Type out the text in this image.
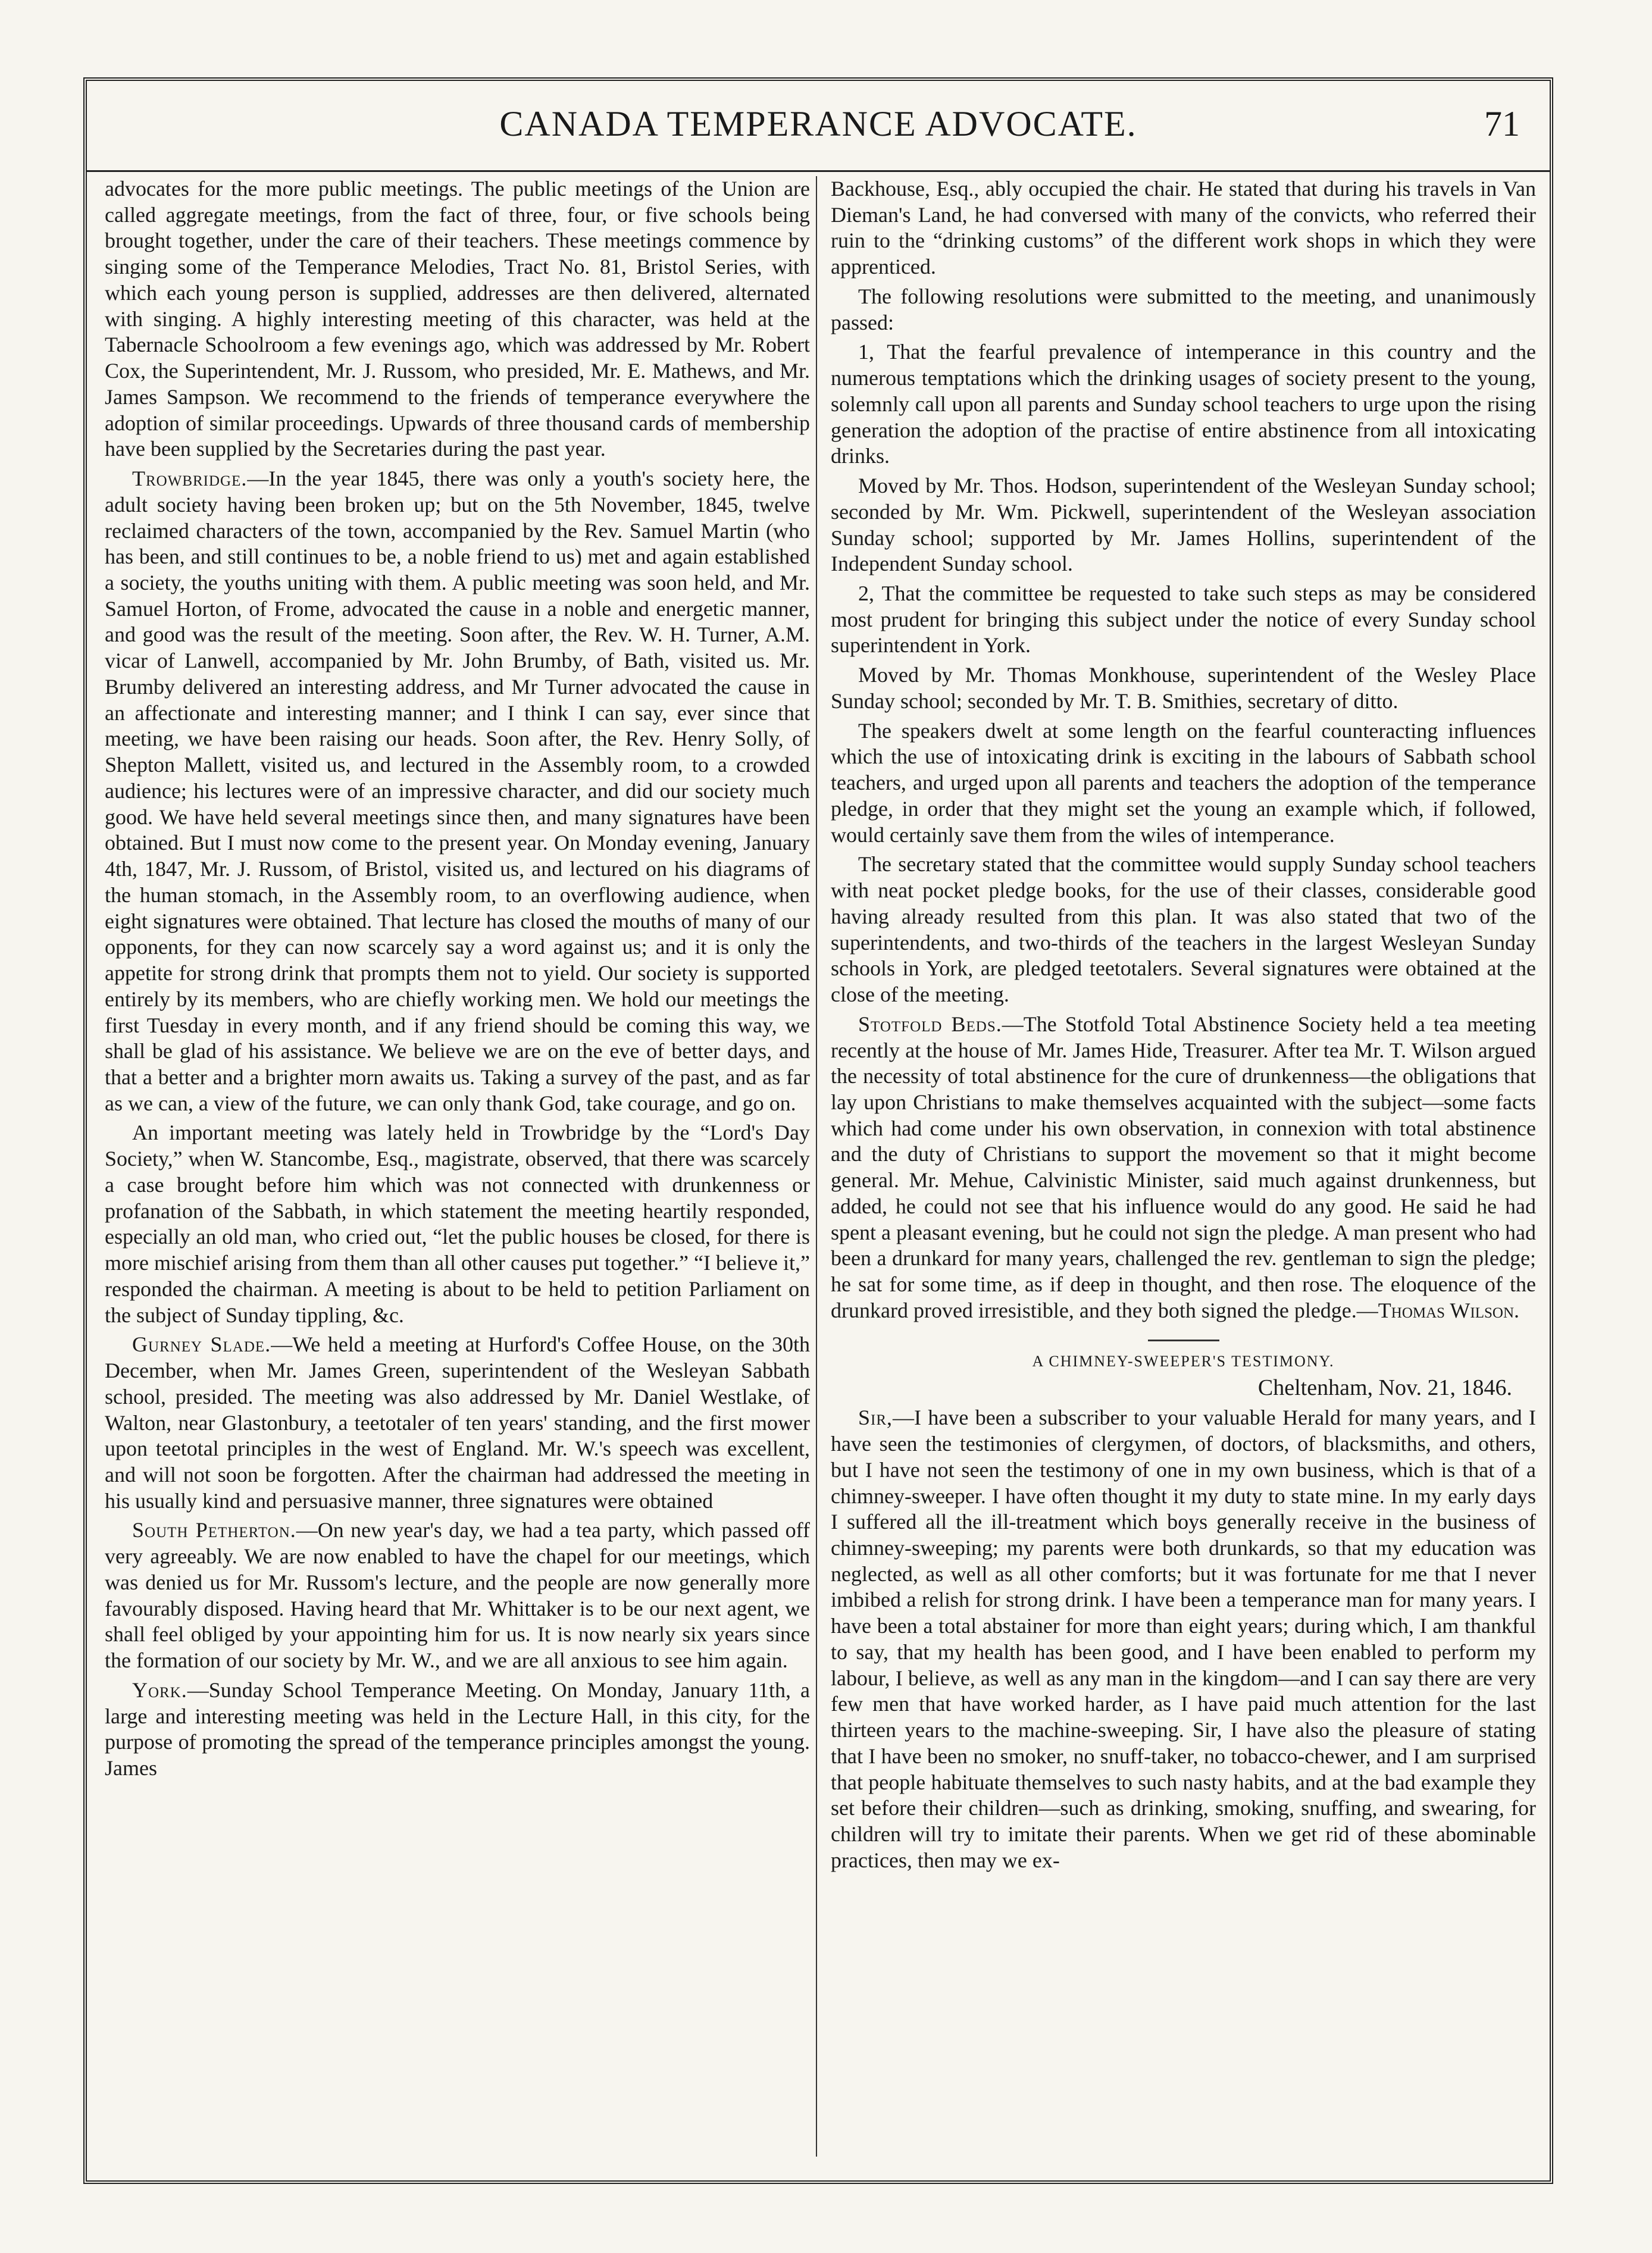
CANADA TEMPERANCE ADVOCATE.	71

advocates for the more public meetings. The public meetings of the Union are called aggregate meetings, from the fact of three, four, or five schools being brought together, under the care of their teachers. These meetings commence by singing some of the Temperance Melodies, Tract No. 81, Bristol Series, with which each young person is supplied, addresses are then delivered, alternated with singing. A highly interesting meeting of this character, was held at the Tabernacle Schoolroom a few evenings ago, which was addressed by Mr. Robert Cox, the Superintendent, Mr. J. Russom, who presided, Mr. E. Mathews, and Mr. James Sampson. We recommend to the friends of temperance everywhere the adoption of similar proceedings. Upwards of three thousand cards of membership have been supplied by the Secretaries during the past year.

Trowbridge.—In the year 1845, there was only a youth's society here, the adult society having been broken up; but on the 5th November, 1845, twelve reclaimed characters of the town, accompanied by the Rev. Samuel Martin (who has been, and still continues to be, a noble friend to us) met and again established a society, the youths uniting with them. A public meeting was soon held, and Mr. Samuel Horton, of Frome, advocated the cause in a noble and energetic manner, and good was the result of the meeting. Soon after, the Rev. W. H. Turner, A.M. vicar of Lanwell, accompanied by Mr. John Brumby, of Bath, visited us. Mr. Brumby delivered an interesting address, and Mr Turner advocated the cause in an affectionate and interesting manner; and I think I can say, ever since that meeting, we have been raising our heads. Soon after, the Rev. Henry Solly, of Shepton Mallett, visited us, and lectured in the Assembly room, to a crowded audience; his lectures were of an impressive character, and did our society much good. We have held several meetings since then, and many signatures have been obtained. But I must now come to the present year. On Monday evening, January 4th, 1847, Mr. J. Russom, of Bristol, visited us, and lectured on his diagrams of the human stomach, in the Assembly room, to an overflowing audience, when eight signatures were obtained. That lecture has closed the mouths of many of our opponents, for they can now scarcely say a word against us; and it is only the appetite for strong drink that prompts them not to yield. Our society is supported entirely by its members, who are chiefly working men. We hold our meetings the first Tuesday in every month, and if any friend should be coming this way, we shall be glad of his assistance. We believe we are on the eve of better days, and that a better and a brighter morn awaits us. Taking a survey of the past, and as far as we can, a view of the future, we can only thank God, take courage, and go on.

An important meeting was lately held in Trowbridge by the “Lord's Day Society,” when W. Stancombe, Esq., magistrate, observed, that there was scarcely a case brought before him which was not connected with drunkenness or profanation of the Sabbath, in which statement the meeting heartily responded, especially an old man, who cried out, “let the public houses be closed, for there is more mischief arising from them than all other causes put together.” “I believe it,” responded the chairman. A meeting is about to be held to petition Parliament on the subject of Sunday tippling, &c.

Gurney Slade.—We held a meeting at Hurford's Coffee House, on the 30th December, when Mr. James Green, superintendent of the Wesleyan Sabbath school, presided. The meeting was also addressed by Mr. Daniel Westlake, of Walton, near Glastonbury, a teetotaler of ten years' standing, and the first mower upon teetotal principles in the west of England. Mr. W.'s speech was excellent, and will not soon be forgotten. After the chairman had addressed the meeting in his usually kind and persuasive manner, three signatures were obtained

South Petherton.—On new year's day, we had a tea party, which passed off very agreeably. We are now enabled to have the chapel for our meetings, which was denied us for Mr. Russom's lecture, and the people are now generally more favourably disposed. Having heard that Mr. Whittaker is to be our next agent, we shall feel obliged by your appointing him for us. It is now nearly six years since the formation of our society by Mr. W., and we are all anxious to see him again.

York.—Sunday School Temperance Meeting. On Monday, January 11th, a large and interesting meeting was held in the Lecture Hall, in this city, for the purpose of promoting the spread of the temperance principles amongst the young. James

Backhouse, Esq., ably occupied the chair. He stated that during his travels in Van Dieman's Land, he had conversed with many of the convicts, who referred their ruin to the “drinking customs” of the different work shops in which they were apprenticed.

The following resolutions were submitted to the meeting, and unanimously passed:

1, That the fearful prevalence of intemperance in this country and the numerous temptations which the drinking usages of society present to the young, solemnly call upon all parents and Sunday school teachers to urge upon the rising generation the adoption of the practise of entire abstinence from all intoxicating drinks.

Moved by Mr. Thos. Hodson, superintendent of the Wesleyan Sunday school; seconded by Mr. Wm. Pickwell, superintendent of the Wesleyan association Sunday school; supported by Mr. James Hollins, superintendent of the Independent Sunday school.

2, That the committee be requested to take such steps as may be considered most prudent for bringing this subject under the notice of every Sunday school superintendent in York.

Moved by Mr. Thomas Monkhouse, superintendent of the Wesley Place Sunday school; seconded by Mr. T. B. Smithies, secretary of ditto.

The speakers dwelt at some length on the fearful counteracting influences which the use of intoxicating drink is exciting in the labours of Sabbath school teachers, and urged upon all parents and teachers the adoption of the temperance pledge, in order that they might set the young an example which, if followed, would certainly save them from the wiles of intemperance.

The secretary stated that the committee would supply Sunday school teachers with neat pocket pledge books, for the use of their classes, considerable good having already resulted from this plan. It was also stated that two of the superintendents, and two-thirds of the teachers in the largest Wesleyan Sunday schools in York, are pledged teetotalers. Several signatures were obtained at the close of the meeting.

Stotfold Beds.—The Stotfold Total Abstinence Society held a tea meeting recently at the house of Mr. James Hide, Treasurer. After tea Mr. T. Wilson argued the necessity of total abstinence for the cure of drunkenness—the obligations that lay upon Christians to make themselves acquainted with the subject—some facts which had come under his own observation, in connexion with total abstinence and the duty of Christians to support the movement so that it might become general. Mr. Mehue, Calvinistic Minister, said much against drunkenness, but added, he could not see that his influence would do any good. He said he had spent a pleasant evening, but he could not sign the pledge. A man present who had been a drunkard for many years, challenged the rev. gentleman to sign the pledge; he sat for some time, as if deep in thought, and then rose. The eloquence of the drunkard proved irresistible, and they both signed the pledge.—Thomas Wilson.

A CHIMNEY-SWEEPER'S TESTIMONY.
Cheltenham, Nov. 21, 1846.

Sir,—I have been a subscriber to your valuable Herald for many years, and I have seen the testimonies of clergymen, of doctors, of blacksmiths, and others, but I have not seen the testimony of one in my own business, which is that of a chimney-sweeper. I have often thought it my duty to state mine. In my early days I suffered all the ill-treatment which boys generally receive in the business of chimney-sweeping; my parents were both drunkards, so that my education was neglected, as well as all other comforts; but it was fortunate for me that I never imbibed a relish for strong drink. I have been a temperance man for many years. I have been a total abstainer for more than eight years; during which, I am thankful to say, that my health has been good, and I have been enabled to perform my labour, I believe, as well as any man in the kingdom—and I can say there are very few men that have worked harder, as I have paid much attention for the last thirteen years to the machine-sweeping. Sir, I have also the pleasure of stating that I have been no smoker, no snuff-taker, no tobacco-chewer, and I am surprised that people habituate themselves to such nasty habits, and at the bad example they set before their children—such as drinking, smoking, snuffing, and swearing, for children will try to imitate their parents. When we get rid of these abominable practices, then may we ex-
